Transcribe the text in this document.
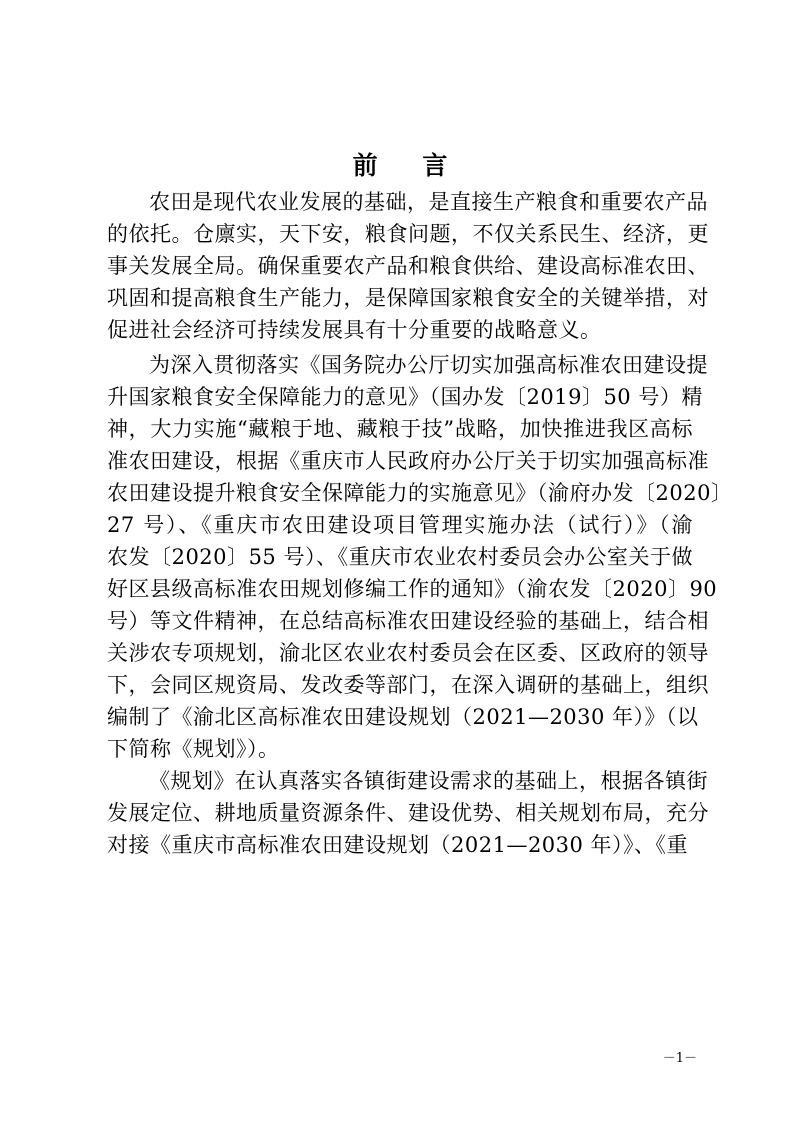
前 言
农田是现代农业发展的基础，是直接生产粮食和重要农产品
的依托。仓廪实，天下安，粮食问题，不仅关系民生、经济，更
事关发展全局。确保重要农产品和粮食供给、建设高标准农田、
巩固和提高粮食生产能力，是保障国家粮食安全的关键举措，对
促进社会经济可持续发展具有十分重要的战略意义。
为深入贯彻落实《国务院办公厅切实加强高标准农田建设提
升国家粮食安全保障能力的意见》（国办发〔2019〕50 号）精
神，大力实施“藏粮于地、藏粮于技”战略，加快推进我区高标
准农田建设，根据《重庆市人民政府办公厅关于切实加强高标准
农田建设提升粮食安全保障能力的实施意见》（渝府办发〔2020〕
27 号）、《重庆市农田建设项目管理实施办法（试行）》（渝
农发〔2020〕55 号）、《重庆市农业农村委员会办公室关于做
好区县级高标准农田规划修编工作的通知》（渝农发〔2020〕90
号）等文件精神，在总结高标准农田建设经验的基础上，结合相
关涉农专项规划，渝北区农业农村委员会在区委、区政府的领导
下，会同区规资局、发改委等部门，在深入调研的基础上，组织
编制了《渝北区高标准农田建设规划（2021—2030 年）》（以
下简称《规划》）。
《规划》在认真落实各镇街建设需求的基础上，根据各镇街
发展定位、耕地质量资源条件、建设优势、相关规划布局，充分
对接《重庆市高标准农田建设规划（2021—2030 年）》、《重
－1－
